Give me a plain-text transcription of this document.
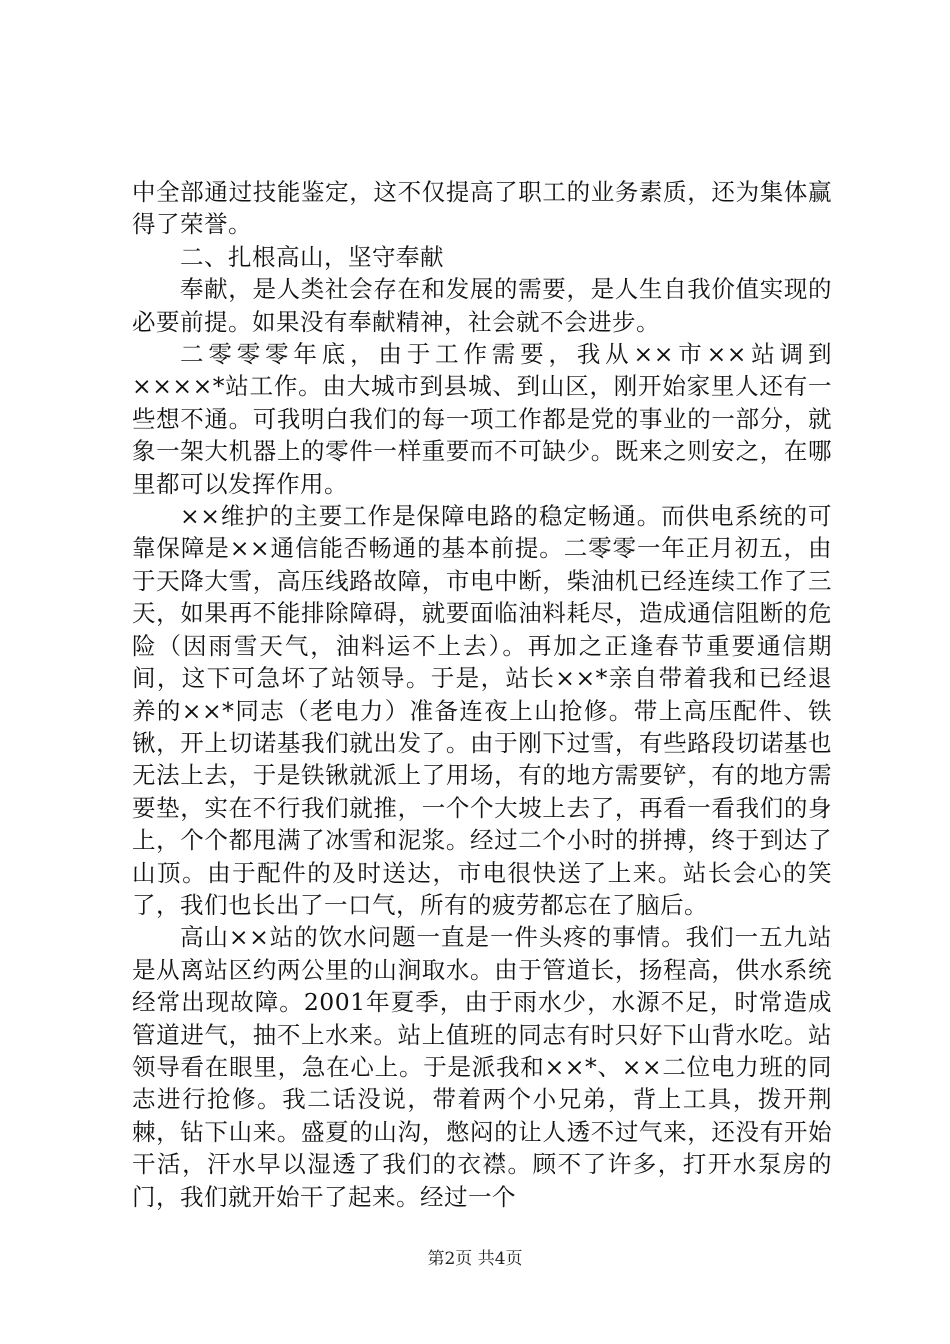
中全部通过技能鉴定，这不仅提高了职工的业务素质，还为集体赢得了荣誉。

二、扎根高山，坚守奉献

奉献，是人类社会存在和发展的需要，是人生自我价值实现的必要前提。如果没有奉献精神，社会就不会进步。

二零零零年底，由于工作需要，我从××市××站调到××××*站工作。由大城市到县城、到山区，刚开始家里人还有一些想不通。可我明白我们的每一项工作都是党的事业的一部分，就象一架大机器上的零件一样重要而不可缺少。既来之则安之，在哪里都可以发挥作用。

××维护的主要工作是保障电路的稳定畅通。而供电系统的可靠保障是××通信能否畅通的基本前提。二零零一年正月初五，由于天降大雪，高压线路故障，市电中断，柴油机已经连续工作了三天，如果再不能排除障碍，就要面临油料耗尽，造成通信阻断的危险（因雨雪天气，油料运不上去）。再加之正逢春节重要通信期间，这下可急坏了站领导。于是，站长××*亲自带着我和已经退养的××*同志（老电力）准备连夜上山抢修。带上高压配件、铁锹，开上切诺基我们就出发了。由于刚下过雪，有些路段切诺基也无法上去，于是铁锹就派上了用场，有的地方需要铲，有的地方需要垫，实在不行我们就推，一个个大坡上去了，再看一看我们的身上，个个都甩满了冰雪和泥浆。经过二个小时的拼搏，终于到达了山顶。由于配件的及时送达，市电很快送了上来。站长会心的笑了，我们也长出了一口气，所有的疲劳都忘在了脑后。

高山××站的饮水问题一直是一件头疼的事情。我们一五九站是从离站区约两公里的山涧取水。由于管道长，扬程高，供水系统经常出现故障。2001年夏季，由于雨水少，水源不足，时常造成管道进气，抽不上水来。站上值班的同志有时只好下山背水吃。站领导看在眼里，急在心上。于是派我和××*、××二位电力班的同志进行抢修。我二话没说，带着两个小兄弟，背上工具，拨开荆棘，钻下山来。盛夏的山沟，憋闷的让人透不过气来，还没有开始干活，汗水早以湿透了我们的衣襟。顾不了许多，打开水泵房的门，我们就开始干了起来。经过一个

第2页 共4页
